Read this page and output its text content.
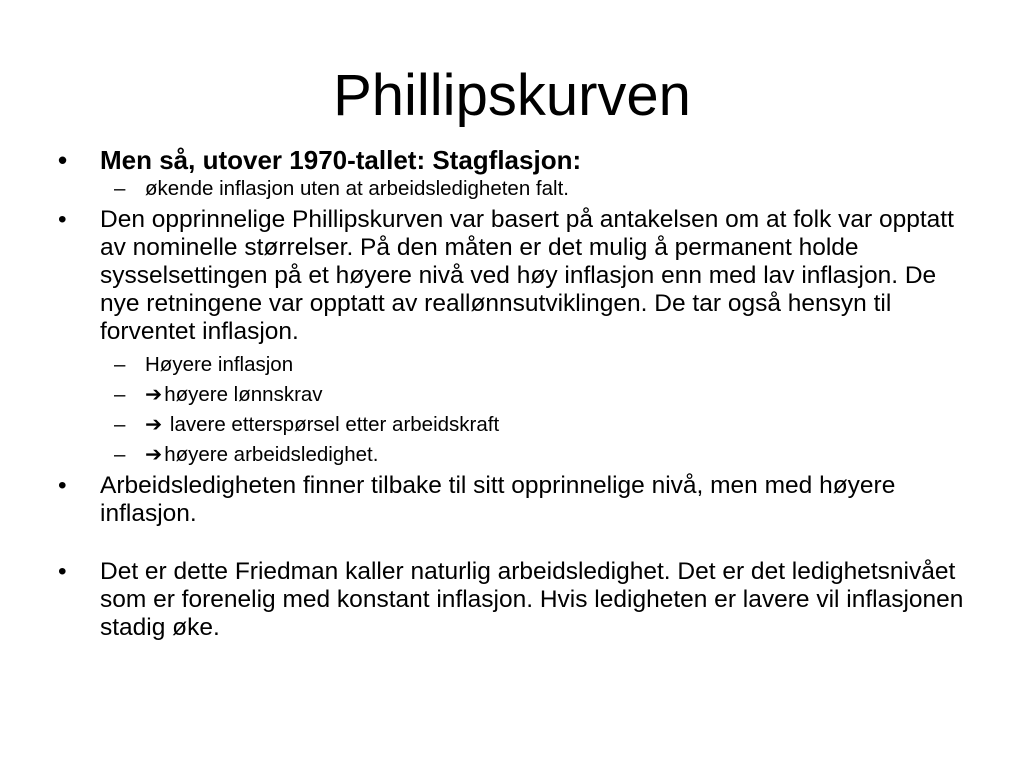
Phillipskurven
•	Men så, utover 1970-tallet: Stagflasjon:
– økende inflasjon uten at arbeidsledigheten falt.
•	Den opprinnelige Phillipskurven var basert på antakelsen om at folk var opptatt av nominelle størrelser. På den måten er det mulig å permanent holde sysselsettingen på et høyere nivå ved høy inflasjon enn med lav inflasjon. De nye retningene var opptatt av reallønnsutviklingen. De tar også hensyn til forventet inflasjon.
– Høyere inflasjon
– ➔høyere lønnskrav
– ➔ lavere etterspørsel etter arbeidskraft
– ➔høyere arbeidsledighet.
•	Arbeidsledigheten finner tilbake til sitt opprinnelige nivå, men med høyere inflasjon.
•	Det er dette Friedman kaller naturlig arbeidsledighet. Det er det ledighetsnivået som er forenelig med konstant inflasjon. Hvis ledigheten er lavere vil inflasjonen stadig øke.
